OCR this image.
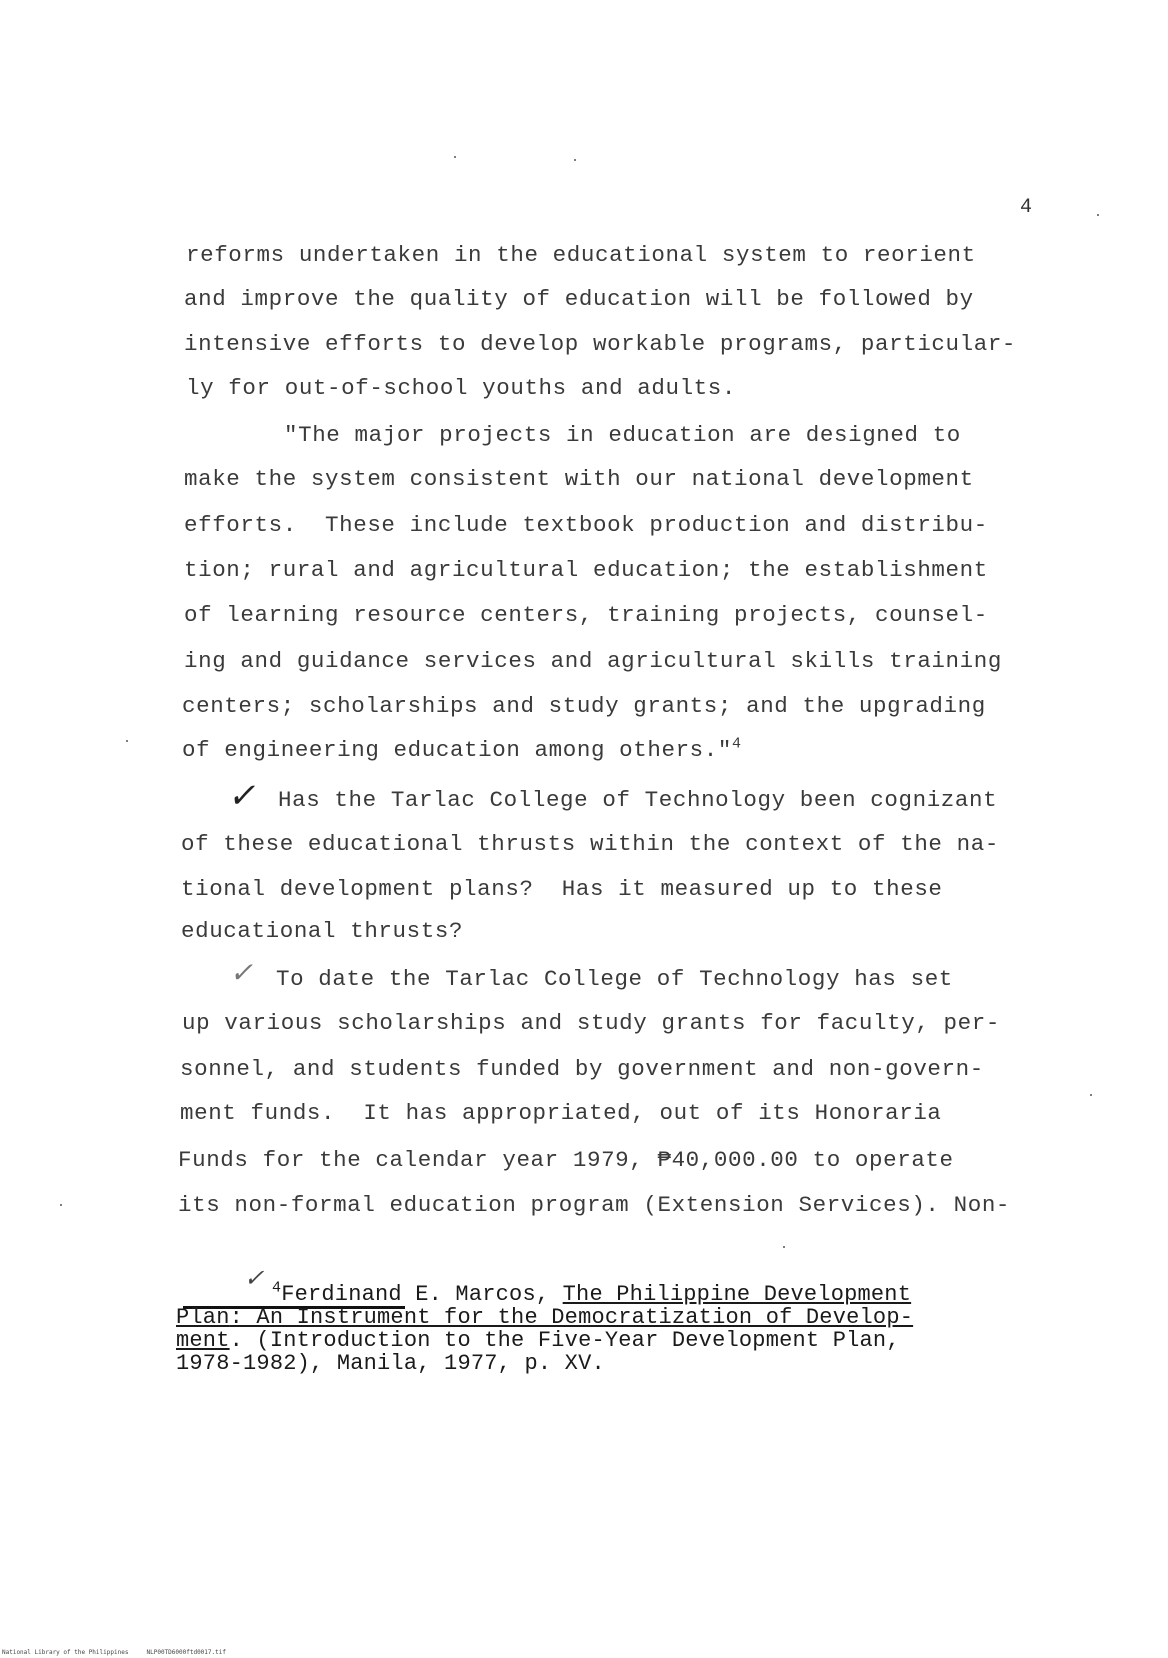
4
reforms undertaken in the educational system to reorient
and improve the quality of education will be followed by
intensive efforts to develop workable programs, particular-
ly for out-of-school youths and adults.
"The major projects in education are designed to
make the system consistent with our national development
efforts.  These include textbook production and distribu-
tion; rural and agricultural education; the establishment
of learning resource centers, training projects, counsel-
ing and guidance services and agricultural skills training
centers; scholarships and study grants; and the upgrading
of engineering education among others."$^4$
✓ Has the Tarlac College of Technology been cognizant
of these educational thrusts within the context of the na-
tional development plans?  Has it measured up to these
educational thrusts?
✓ To date the Tarlac College of Technology has set
up various scholarships and study grants for faculty, per-
sonnel, and students funded by government and non-govern-
ment funds.  It has appropriated, out of its Honoraria
Funds for the calendar year 1979, ₱40,000.00 to operate
its non-formal education program (Extension Services). Non-
✓ $^4$Ferdinand E. Marcos, The Philippine Development
Plan: An Instrument for the Democratization of Develop-
ment. (Introduction to the Five-Year Development Plan,
1978-1982), Manila, 1977, p. XV.
National Library of the Philippines     NLP00TD6000ftd0017.tif
